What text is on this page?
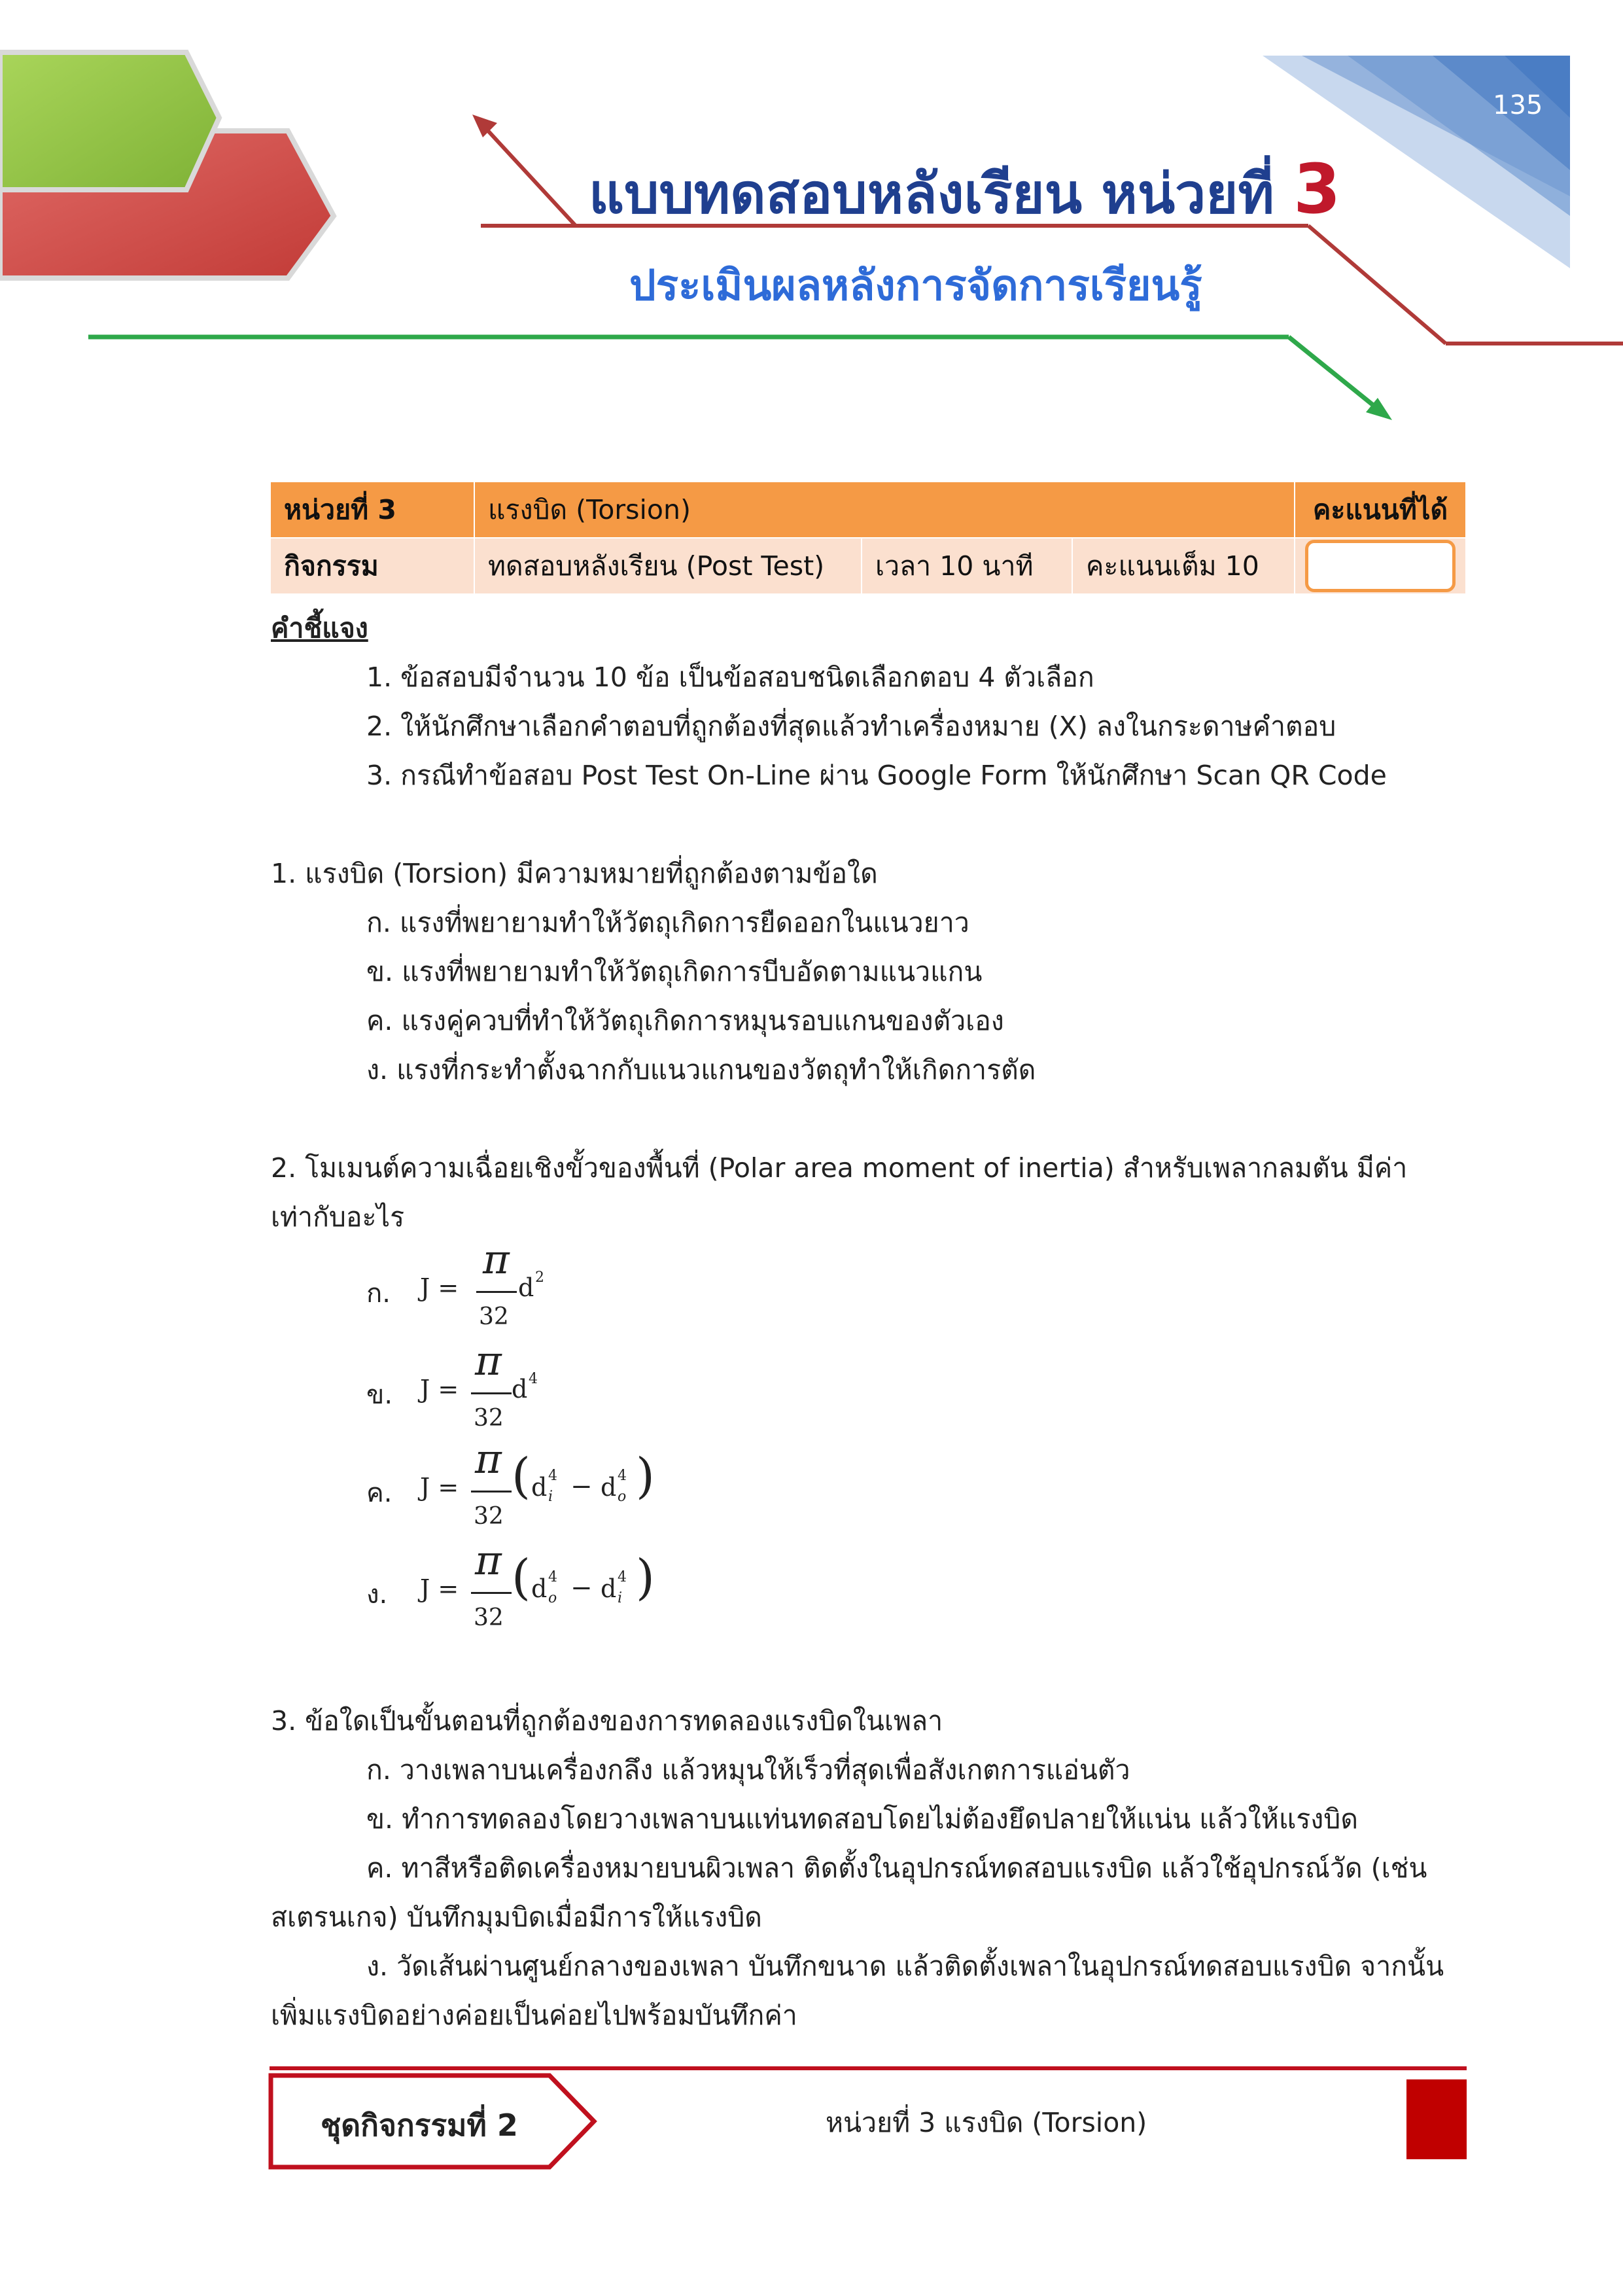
135
แบบทดสอบหลังเรียน หน่วยที่ 3
ประเมินผลหลังการจัดการเรียนรู้
หน่วยที่ 3	แรงบิด (Torsion)			คะแนนที่ได้
กิจกรรม	ทดสอบหลังเรียน (Post Test)	เวลา 10 นาที	คะแนนเต็ม 10	
คำชี้แจง
1. ข้อสอบมีจำนวน 10 ข้อ เป็นข้อสอบชนิดเลือกตอบ 4 ตัวเลือก
2. ให้นักศึกษาเลือกคำตอบที่ถูกต้องที่สุดแล้วทำเครื่องหมาย (X) ลงในกระดาษคำตอบ
3. กรณีทำข้อสอบ Post Test On-Line ผ่าน Google Form ให้นักศึกษา Scan QR Code
1. แรงบิด (Torsion) มีความหมายที่ถูกต้องตามข้อใด
ก. แรงที่พยายามทำให้วัตถุเกิดการยืดออกในแนวยาว
ข. แรงที่พยายามทำให้วัตถุเกิดการบีบอัดตามแนวแกน
ค. แรงคู่ควบที่ทำให้วัตถุเกิดการหมุนรอบแกนของตัวเอง
ง. แรงที่กระทำตั้งฉากกับแนวแกนของวัตถุทำให้เกิดการตัด
2. โมเมนต์ความเฉื่อยเชิงขั้วของพื้นที่ (Polar area moment of inertia) สำหรับเพลากลมตัน มีค่า
เท่ากับอะไร
ก. J =
π
32
d 2
ข. J =
π
32
d 4
ค. J =
π
32
( d 4
i − d 4
o )
ง. J =
π
32
( d 4
o − d 4
i )
3. ข้อใดเป็นขั้นตอนที่ถูกต้องของการทดลองแรงบิดในเพลา
ก. วางเพลาบนเครื่องกลึง แล้วหมุนให้เร็วที่สุดเพื่อสังเกตการแอ่นตัว
ข. ทำการทดลองโดยวางเพลาบนแท่นทดสอบโดยไม่ต้องยึดปลายให้แน่น แล้วให้แรงบิด
ค. ทาสีหรือติดเครื่องหมายบนผิวเพลา ติดตั้งในอุปกรณ์ทดสอบแรงบิด แล้วใช้อุปกรณ์วัด (เช่น
สเตรนเกจ) บันทึกมุมบิดเมื่อมีการให้แรงบิด
ง. วัดเส้นผ่านศูนย์กลางของเพลา บันทึกขนาด แล้วติดตั้งเพลาในอุปกรณ์ทดสอบแรงบิด จากนั้น
เพิ่มแรงบิดอย่างค่อยเป็นค่อยไปพร้อมบันทึกค่า
ชุดกิจกรรมที่ 2	หน่วยที่ 3 แรงบิด (Torsion)
